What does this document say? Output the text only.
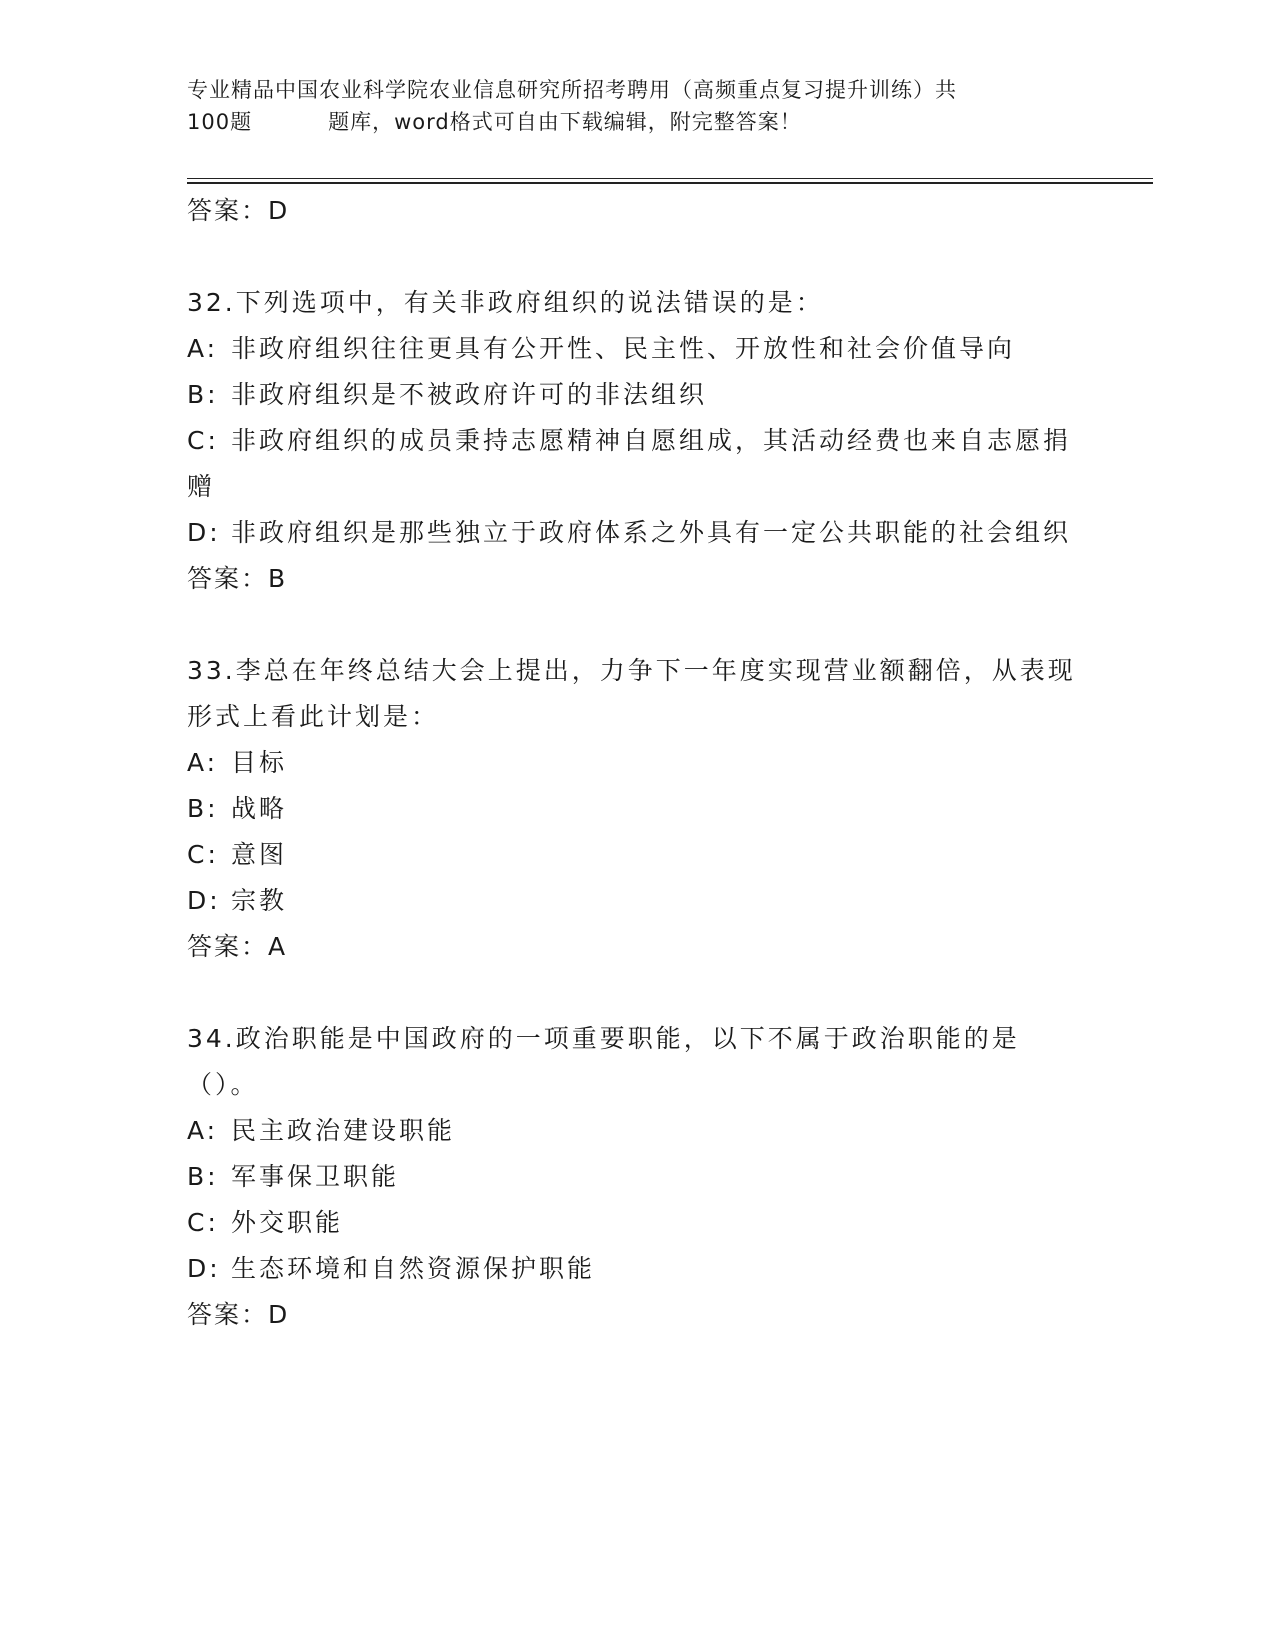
专业精品中国农业科学院农业信息研究所招考聘用（高频重点复习提升训练）共
100题	题库，word格式可自由下载编辑，附完整答案！
答案：D
32.下列选项中，有关非政府组织的说法错误的是：
A: 非政府组织往往更具有公开性、民主性、开放性和社会价值导向
B: 非政府组织是不被政府许可的非法组织
C: 非政府组织的成员秉持志愿精神自愿组成，其活动经费也来自志愿捐赠
D: 非政府组织是那些独立于政府体系之外具有一定公共职能的社会组织
答案：B
33.李总在年终总结大会上提出，力争下一年度实现营业额翻倍，从表现形式上看此计划是：
A: 目标
B: 战略
C: 意图
D: 宗教
答案：A
34.政治职能是中国政府的一项重要职能，以下不属于政治职能的是（）。
A: 民主政治建设职能
B: 军事保卫职能
C: 外交职能
D: 生态环境和自然资源保护职能
答案：D
